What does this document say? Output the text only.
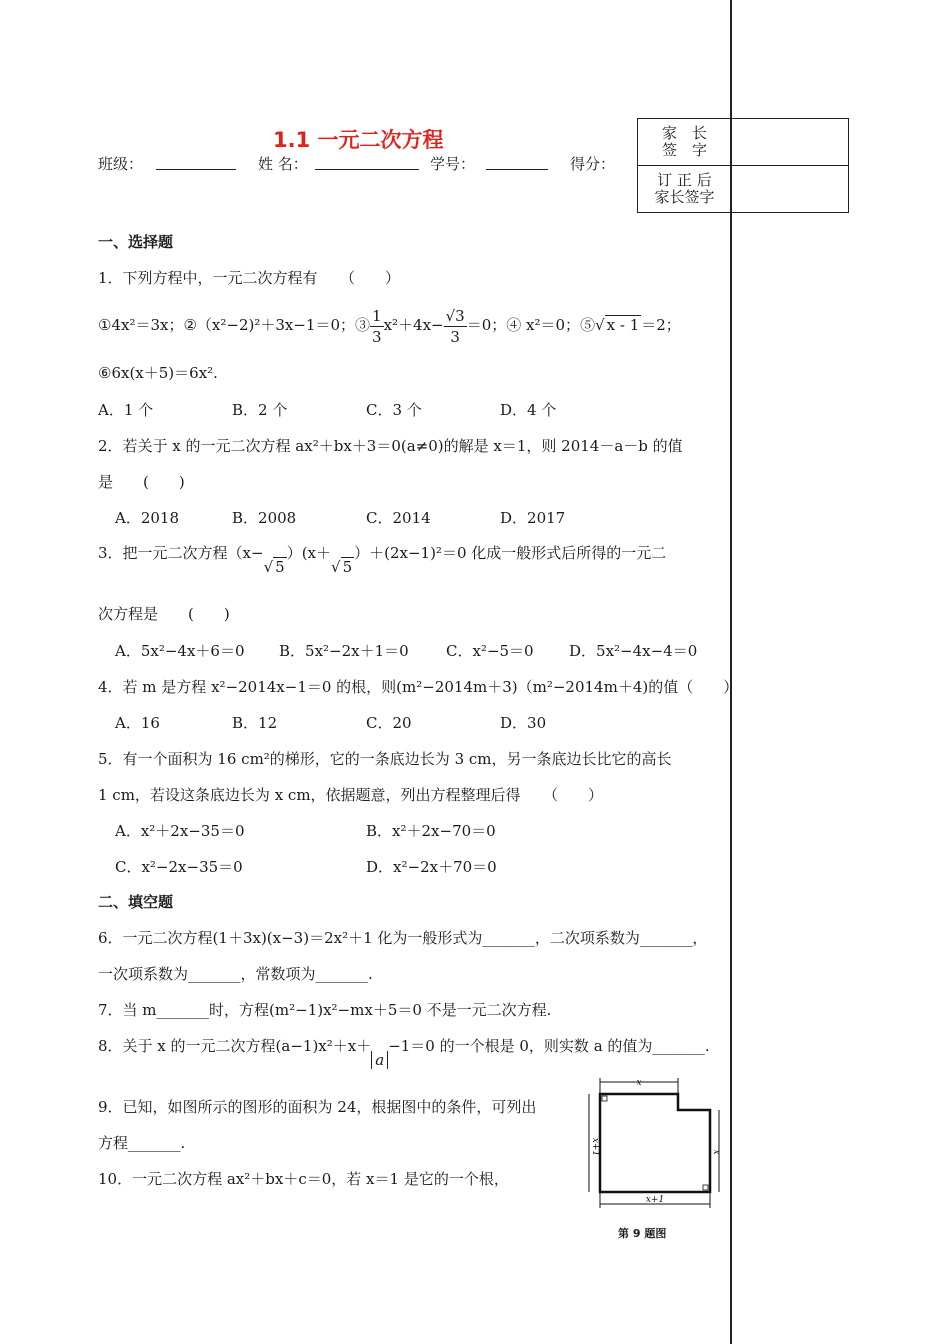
1.1 一元二次方程
班级：	姓 名：	学号：	得分：
家　长
签　字	
订 正 后
家长签字	
一、选择题
1．下列方程中，一元二次方程有　　（　　）
①4x²＝3x；②（x²−2)²＋3x−1＝0；③ $\frac{1}{3} x^2+4x- \frac{√3}{3} =0$；④ x²＝0；⑤√ x - 1 ＝2；
⑥6x(x＋5)＝6x².
A．1 个	B．2 个	C．3 个	D．4 个
2．若关于 x 的一元二次方程 ax²＋bx＋3＝0(a≠0)的解是 x＝1，则 2014－a－b 的值
是　　(　　)
A．2018	B．2008	C．2014	D．2017
3．把一元二次方程（x−√ 5）(x＋√ 5）＋(2x−1)²＝0 化成一般形式后所得的一元二
次方程是　　(　　)
A．5x²−4x＋6＝0 B．5x²−2x＋1＝0 C．x²−5＝0 D．5x²−4x−4＝0
4．若 m 是方程 x²−2014x−1＝0 的根，则(m²−2014m＋3)（m²−2014m＋4)的值（　　）
A．16	B．12	C．20	D．30
5．有一个面积为 16 cm²的梯形，它的一条底边长为 3 cm，另一条底边长比它的高长
1 cm，若设这条底边长为 x cm，依据题意，列出方程整理后得　　（　　）
A．x²＋2x−35＝0	B．x²＋2x−70＝0
C．x²−2x−35＝0	D．x²−2x＋70＝0
二、填空题
6．一元二次方程(1＋3x)(x−3)＝2x²＋1 化为一般形式为_______，二次项系数为_______，
一次项系数为_______，常数项为_______.
7．当 m_______时，方程(m²−1)x²−mx＋5＝0 不是一元二次方程.
8．关于 x 的一元二次方程(a−1)x²＋x＋a−1＝0 的一个根是 0，则实数 a 的值为_______.
9．已知，如图所示的图形的面积为 24，根据图中的条件，可列出
方程_______.
10．一元二次方程 ax²＋bx＋c＝0，若 x＝1 是它的一个根，
x
x+1	x
x+1
第 9 题图
